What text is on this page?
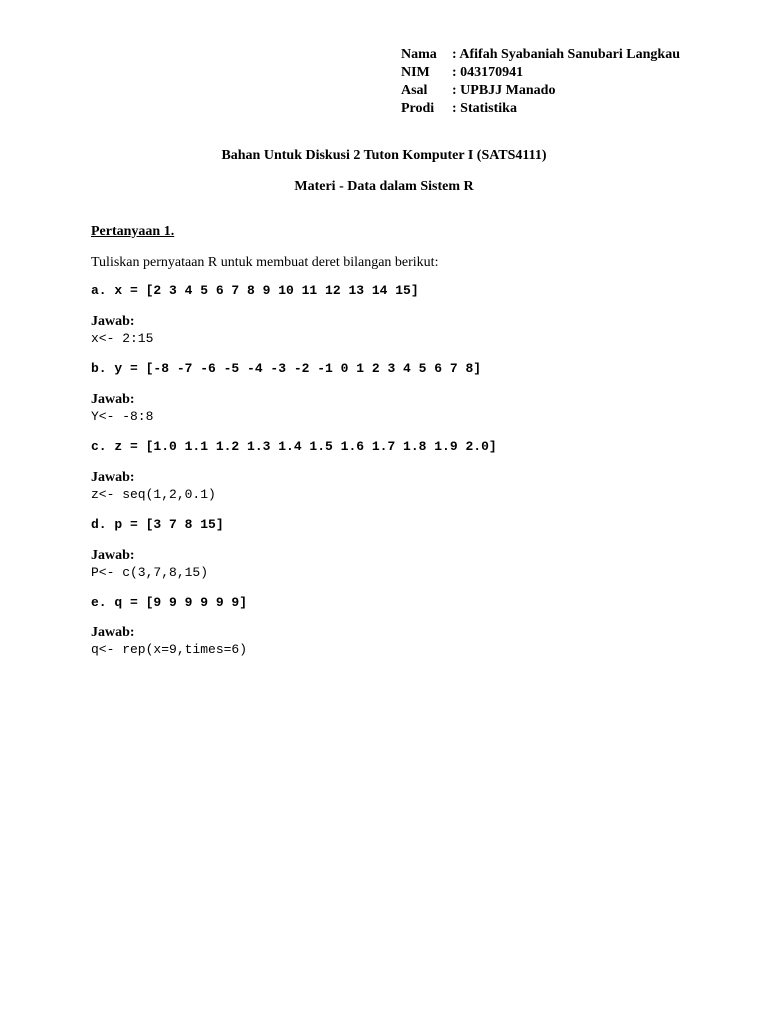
Nama	: Afifah Syabaniah Sanubari Langkau
NIM	: 043170941
Asal	: UPBJJ Manado
Prodi	: Statistika
Bahan Untuk Diskusi 2 Tuton Komputer I (SATS4111)
Materi - Data dalam Sistem R
Pertanyaan 1.
Tuliskan pernyataan R untuk membuat deret bilangan berikut:
a. x = [2 3 4 5 6 7 8 9 10 11 12 13 14 15]
Jawab:
x<- 2:15
b. y = [-8 -7 -6 -5 -4 -3 -2 -1 0 1 2 3 4 5 6 7 8]
Jawab:
Y<- -8:8
c. z = [1.0 1.1 1.2 1.3 1.4 1.5 1.6 1.7 1.8 1.9 2.0]
Jawab:
z<- seq(1,2,0.1)
d. p = [3 7 8 15]
Jawab:
P<- c(3,7,8,15)
e. q = [9 9 9 9 9 9]
Jawab:
q<- rep(x=9,times=6)
